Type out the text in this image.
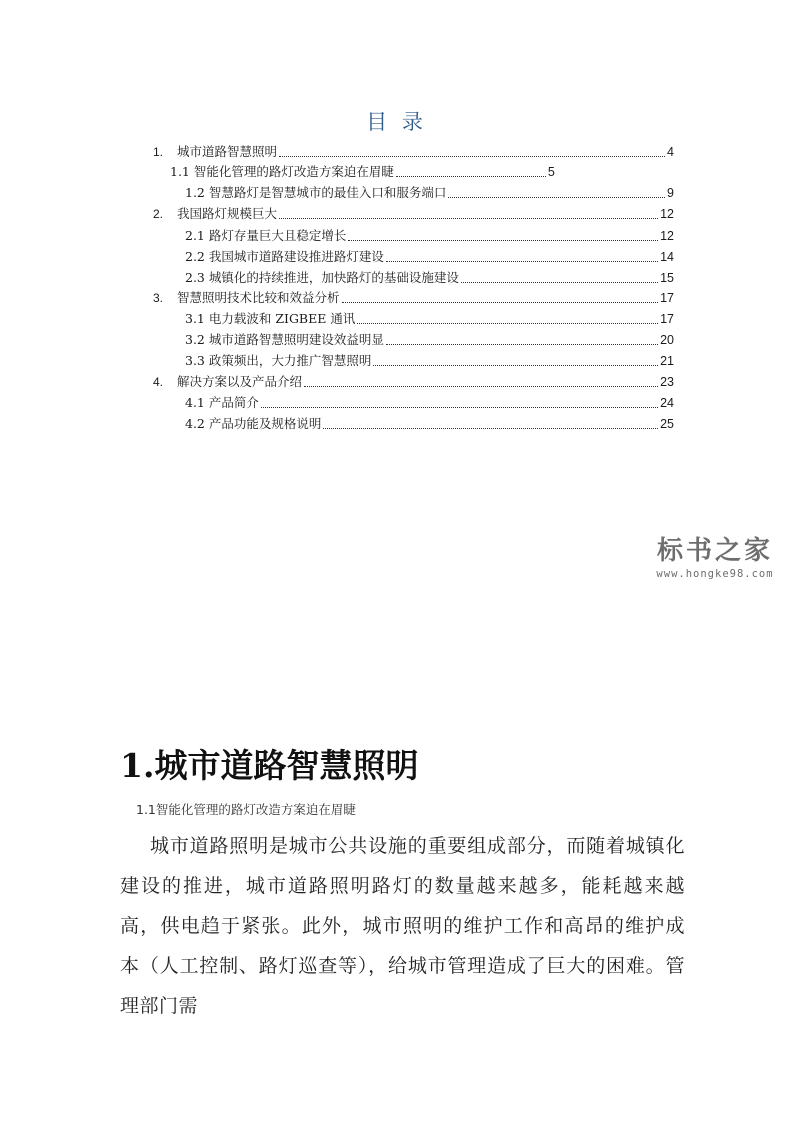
目 录
1.	城市道路智慧照明	4
1.1 智能化管理的路灯改造方案迫在眉睫	5
1.2 智慧路灯是智慧城市的最佳入口和服务端口	9
2.	我国路灯规模巨大	12
2.1 路灯存量巨大且稳定增长	12
2.2 我国城市道路建设推进路灯建设	14
2.3 城镇化的持续推进，加快路灯的基础设施建设	15
3.	智慧照明技术比较和效益分析	17
3.1 电力载波和 ZIGBEE 通讯	17
3.2 城市道路智慧照明建设效益明显	20
3.3 政策频出，大力推广智慧照明	21
4.	解决方案以及产品介绍	23
4.1 产品简介	24
4.2 产品功能及规格说明	25
标书之家
www.hongke98.com
1.城市道路智慧照明
1.1智能化管理的路灯改造方案迫在眉睫
城市道路照明是城市公共设施的重要组成部分，而随着城镇化建设的推进，城市道路照明路灯的数量越来越多，能耗越来越高，供电趋于紧张。此外，城市照明的维护工作和高昂的维护成本（人工控制、路灯巡查等），给城市管理造成了巨大的困难。管理部门需
